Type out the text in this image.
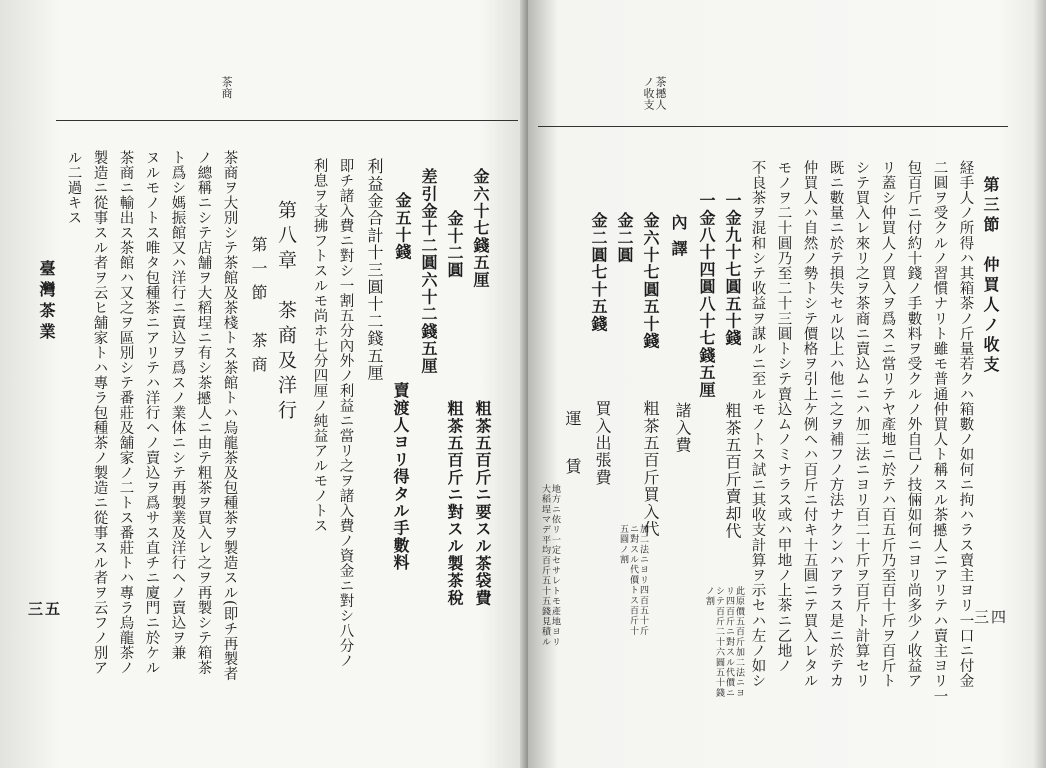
茶商
金六十七錢五厘
金十二圓
差引金十二圓六十二錢五厘
金五十錢
利益金合計十三圓十二錢五厘
即チ諸入費ニ對シ一割五分內外ノ利益ニ當リ之ヲ諸入費ノ資金ニ對シ八分ノ
利息ヲ支拂フトスルモ尚ホ七分四厘ノ純益アルモノトス	粗茶五百斤ニ要スル茶袋費
粗茶五百斤ニ對スル製茶稅
賣渡人ヨリ得タル手數料
第八章　茶商及洋行
第一節　茶商
茶商ヲ大別シテ茶館及茶棧トス茶館トハ烏龍茶及包種茶ヲ製造スル(即チ再製者
ノ總稱ニシテ店舗ヲ大稻埕ニ有シ茶𢷾人ニ由テ粗茶ヲ買入レ之ヲ再製シテ箱茶
ト爲シ媽振館又ハ洋行ニ賣込ヲ爲スノ業体ニシテ再製業及洋行ヘノ賣込ヲ兼
ヌルモノトス唯タ包種茶ニアリテハ洋行ヘノ賣込ヲ爲サス直チニ廈門ニ於ケル
茶商ニ輸出ス茶館ハ又之ヲ區別シテ番莊及舖家ノ二トス番莊トハ專ラ烏龍茶ノ
製造ニ從事スル者ヲ云ヒ舖家トハ專ラ包種茶ノ製造ニ從事スル者ヲ云フノ別ア
ル二過キス
臺灣茶業
三五
茶𢷾人ノ收支
第三節　仲買人ノ收支
経手人ノ所得ハ其箱茶ノ斤量若クハ箱數ノ如何ニ拘ハラス賣主ヨリ一口ニ付金
二圓ヲ受クルノ習慣ナリト雖モ普通仲買人ト稱スル茶𢷾人ニアリテハ賣主ヨリ一
包百斤ニ付約十錢ノ手數料ヲ受クルノ外自己ノ技倆如何ニヨリ尚多少ノ收益ア
リ蓋シ仲買人ノ買入ヲ爲スニ當リテヤ產地ニ於テハ百五斤乃至百十斤ヲ百斤ト
シテ買入レ來リ之ヲ茶商ニ賣込ムニハ加二法ニヨリ百二十斤ヲ百斤ト計算セリ
既ニ數量ニ於テ損失セル以上ハ他ニ之ヲ補フノ方法ナクンハアラス是ニ於テカ
仲買人ハ自然ノ勢トシテ價格ヲ引上ケ例ヘハ百斤ニ付キ十五圓ニテ買入レタル
モノヲ二十圓乃至二十三圓トシテ賣込ムノミナラス或ハ甲地ノ上茶ニ乙地ノ
不良茶ヲ混和シテ收益ヲ謀ルニ至ルモノトス試ニ其收支計算ヲ示セハ左ノ如シ
一金九十七圓五十錢
一金八十四圓八十七錢五厘
內譯
金六十七圓五十錢
金二圓
金二圓七十五錢
粗茶五百斤賣却代
此原價五百斤加二法ニヨリ四百斤ニ對スル代價ニシテ百斤二十六圓五十錢ノ割
諸入費
粗茶五百斤買入代
加二法ニヨリ四百五十斤ニ對スル代價トス百斤十五圓ノ割
買入出張費
運　賃
地方ニ依リ一定セサレトモ產地ヨリ大稻埕マデ平均百斤五十五錢見積ル	三四
